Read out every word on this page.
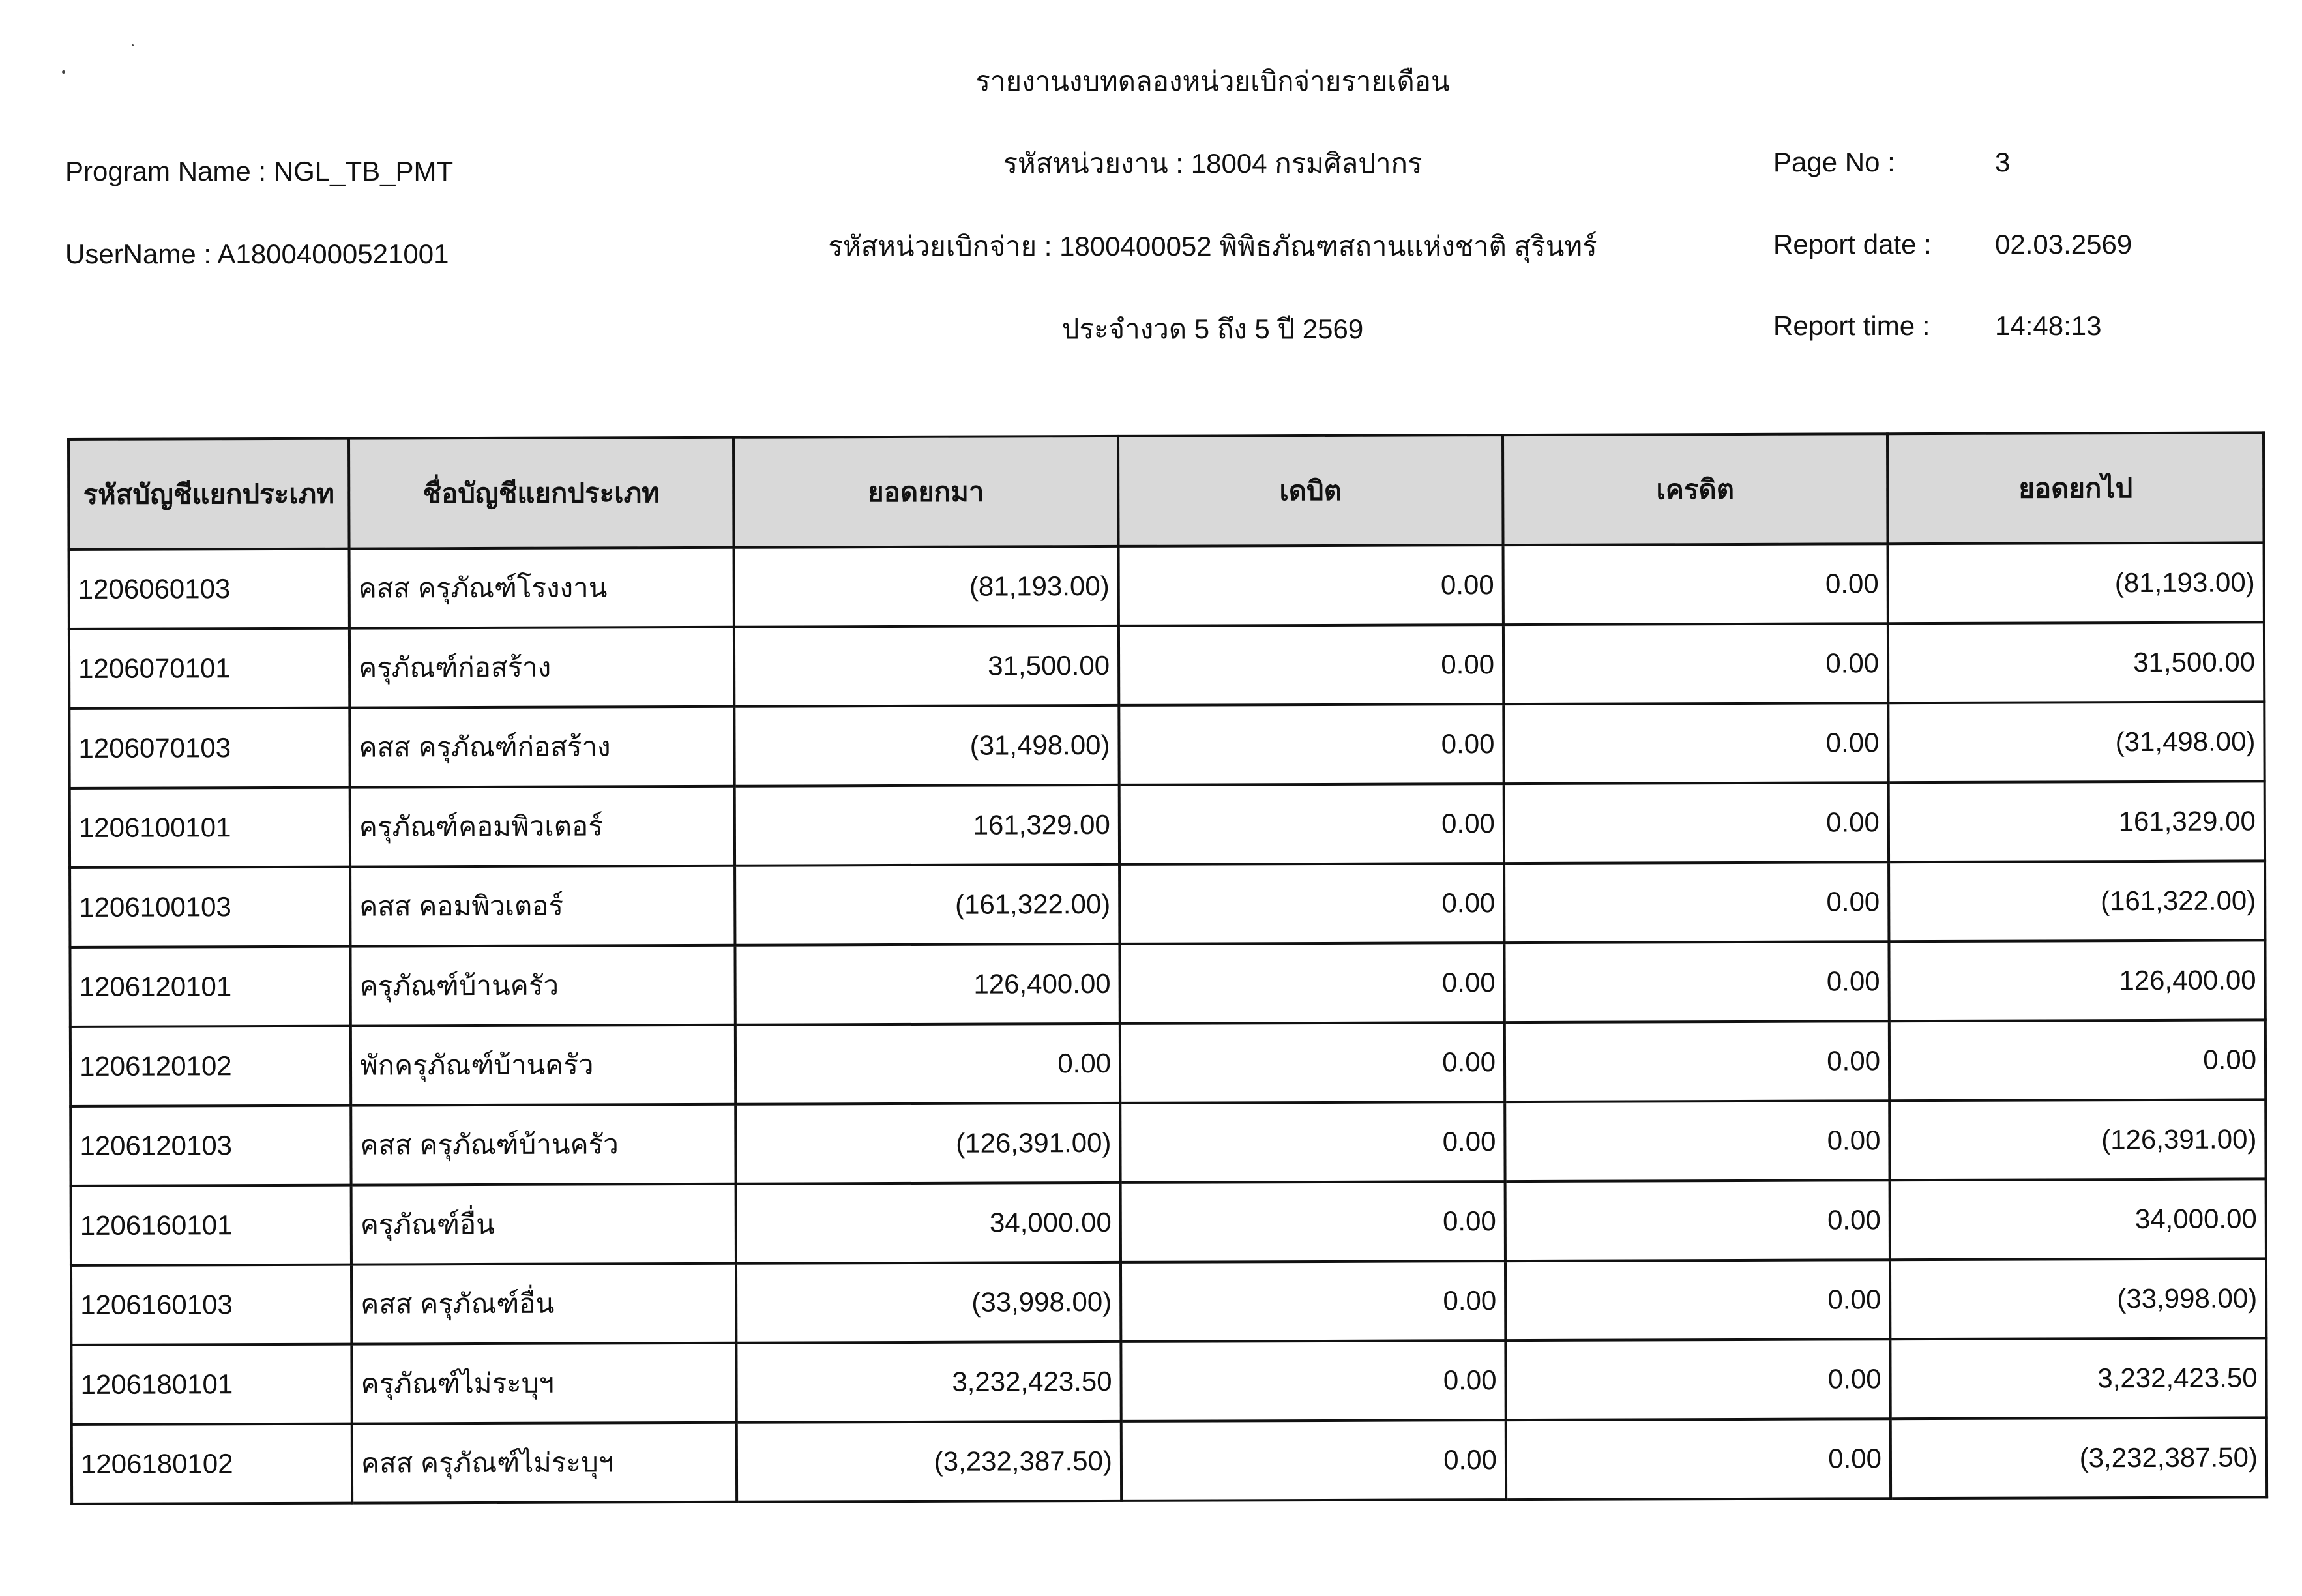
รายงานงบทดลองหน่วยเบิกจ่ายรายเดือน
Program Name : NGL_TB_PMT
UserName : A18004000521001
รหัสหน่วยงาน : 18004 กรมศิลปากร
รหัสหน่วยเบิกจ่าย : 1800400052 พิพิธภัณฑสถานแห่งชาติ สุรินทร์
ประจำงวด 5 ถึง 5 ปี 2569
Page No :	3
Report date : 02.03.2569
Report time : 14:48:13
รหัสบัญชีแยกประเภท	ชื่อบัญชีแยกประเภท	ยอดยกมา	เดบิต	เครดิต	ยอดยกไป
1206060103	คสส ครุภัณฑ์โรงงาน	(81,193.00)	0.00	0.00	(81,193.00)
1206070101	ครุภัณฑ์ก่อสร้าง	31,500.00	0.00	0.00	31,500.00
1206070103	คสส ครุภัณฑ์ก่อสร้าง	(31,498.00)	0.00	0.00	(31,498.00)
1206100101	ครุภัณฑ์คอมพิวเตอร์	161,329.00	0.00	0.00	161,329.00
1206100103	คสส คอมพิวเตอร์	(161,322.00)	0.00	0.00	(161,322.00)
1206120101	ครุภัณฑ์บ้านครัว	126,400.00	0.00	0.00	126,400.00
1206120102	พักครุภัณฑ์บ้านครัว	0.00	0.00	0.00	0.00
1206120103	คสส ครุภัณฑ์บ้านครัว	(126,391.00)	0.00	0.00	(126,391.00)
1206160101	ครุภัณฑ์อื่น	34,000.00	0.00	0.00	34,000.00
1206160103	คสส ครุภัณฑ์อื่น	(33,998.00)	0.00	0.00	(33,998.00)
1206180101	ครุภัณฑ์ไม่ระบุฯ	3,232,423.50	0.00	0.00	3,232,423.50
1206180102	คสส ครุภัณฑ์ไม่ระบุฯ	(3,232,387.50)	0.00	0.00	(3,232,387.50)
